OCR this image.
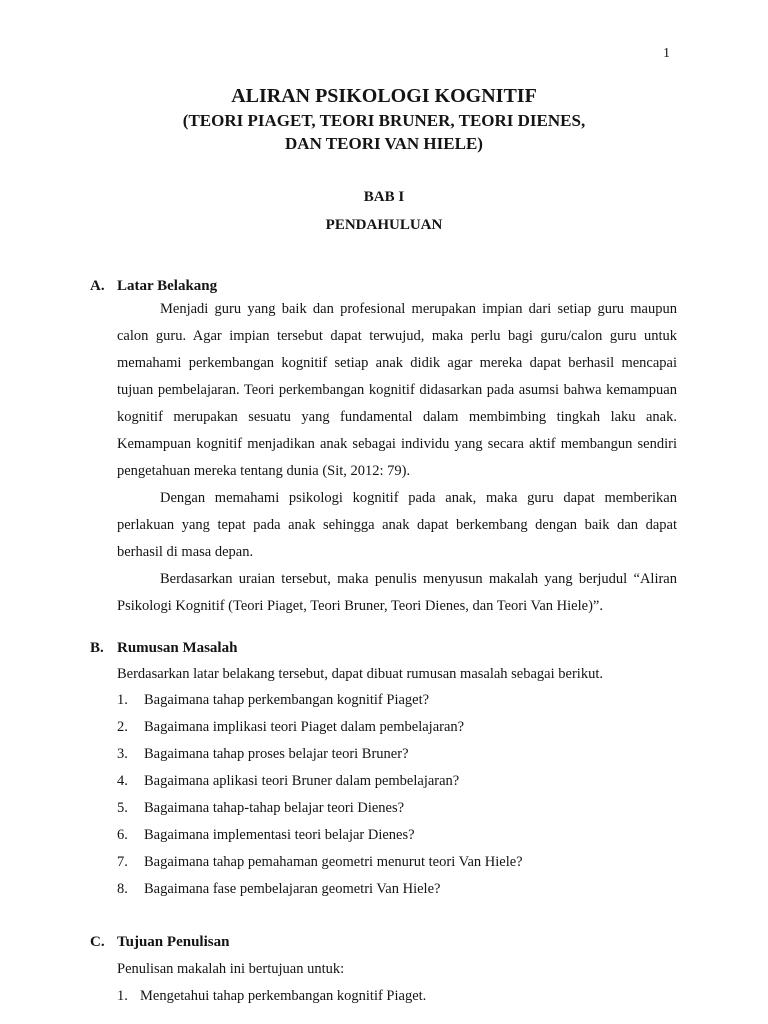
1
ALIRAN PSIKOLOGI KOGNITIF
(TEORI PIAGET, TEORI BRUNER, TEORI DIENES,
DAN TEORI VAN HIELE)
BAB I
PENDAHULUAN
A. Latar Belakang

Menjadi guru yang baik dan profesional merupakan impian dari setiap guru maupun calon guru. Agar impian tersebut dapat terwujud, maka perlu bagi guru/calon guru untuk memahami perkembangan kognitif setiap anak didik agar mereka dapat berhasil mencapai tujuan pembelajaran. Teori perkembangan kognitif didasarkan pada asumsi bahwa kemampuan kognitif merupakan sesuatu yang fundamental dalam membimbing tingkah laku anak. Kemampuan kognitif menjadikan anak sebagai individu yang secara aktif membangun sendiri pengetahuan mereka tentang dunia (Sit, 2012: 79).

Dengan memahami psikologi kognitif pada anak, maka guru dapat memberikan perlakuan yang tepat pada anak sehingga anak dapat berkembang dengan baik dan dapat berhasil di masa depan.

Berdasarkan uraian tersebut, maka penulis menyusun makalah yang berjudul “Aliran Psikologi Kognitif (Teori Piaget, Teori Bruner, Teori Dienes, dan Teori Van Hiele)”.

B. Rumusan Masalah
Berdasarkan latar belakang tersebut, dapat dibuat rumusan masalah sebagai berikut.
1.	Bagaimana tahap perkembangan kognitif Piaget?
2.	Bagaimana implikasi teori Piaget dalam pembelajaran?
3.	Bagaimana tahap proses belajar teori Bruner?
4.	Bagaimana aplikasi teori Bruner dalam pembelajaran?
5.	Bagaimana tahap-tahap belajar teori Dienes?
6.	Bagaimana implementasi teori belajar Dienes?
7.	Bagaimana tahap pemahaman geometri menurut teori Van Hiele?
8.	Bagaimana fase pembelajaran geometri Van Hiele?
C. Tujuan Penulisan
Penulisan makalah ini bertujuan untuk:
1. Mengetahui tahap perkembangan kognitif Piaget.
